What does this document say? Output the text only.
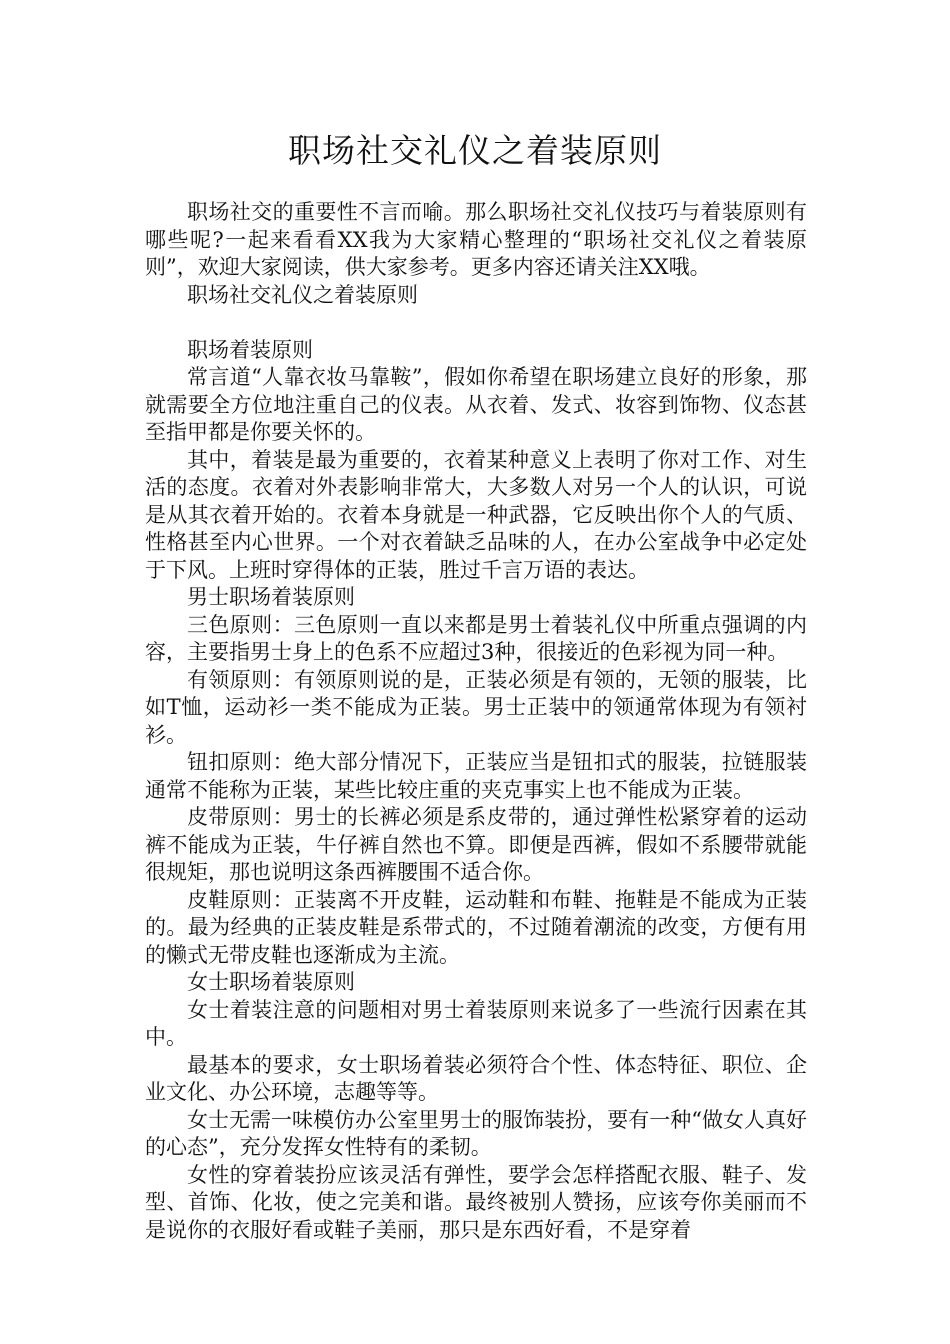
职场社交礼仪之着装原则

职场社交的重要性不言而喻。那么职场社交礼仪技巧与着装原则有哪些呢?一起来看看XX我为大家精心整理的“职场社交礼仪之着装原则”，欢迎大家阅读，供大家参考。更多内容还请关注XX哦。

职场社交礼仪之着装原则

职场着装原则

常言道“人靠衣妆马靠鞍”，假如你希望在职场建立良好的形象，那就需要全方位地注重自己的仪表。从衣着、发式、妆容到饰物、仪态甚至指甲都是你要关怀的。

其中，着装是最为重要的，衣着某种意义上表明了你对工作、对生活的态度。衣着对外表影响非常大，大多数人对另一个人的认识，可说是从其衣着开始的。衣着本身就是一种武器，它反映出你个人的气质、性格甚至内心世界。一个对衣着缺乏品味的人，在办公室战争中必定处于下风。上班时穿得体的正装，胜过千言万语的表达。

男士职场着装原则

三色原则：三色原则一直以来都是男士着装礼仪中所重点强调的内容，主要指男士身上的色系不应超过3种，很接近的色彩视为同一种。

有领原则：有领原则说的是，正装必须是有领的，无领的服装，比如T恤，运动衫一类不能成为正装。男士正装中的领通常体现为有领衬衫。

钮扣原则：绝大部分情况下，正装应当是钮扣式的服装，拉链服装通常不能称为正装，某些比较庄重的夹克事实上也不能成为正装。

皮带原则：男士的长裤必须是系皮带的，通过弹性松紧穿着的运动裤不能成为正装，牛仔裤自然也不算。即便是西裤，假如不系腰带就能很规矩，那也说明这条西裤腰围不适合你。

皮鞋原则：正装离不开皮鞋，运动鞋和布鞋、拖鞋是不能成为正装的。最为经典的正装皮鞋是系带式的，不过随着潮流的改变，方便有用的懒式无带皮鞋也逐渐成为主流。

女士职场着装原则

女士着装注意的问题相对男士着装原则来说多了一些流行因素在其中。

最基本的要求，女士职场着装必须符合个性、体态特征、职位、企业文化、办公环境，志趣等等。

女士无需一味模仿办公室里男士的服饰装扮，要有一种“做女人真好的心态”，充分发挥女性特有的柔韧。

女性的穿着装扮应该灵活有弹性，要学会怎样搭配衣服、鞋子、发型、首饰、化妆，使之完美和谐。最终被别人赞扬，应该夸你美丽而不是说你的衣服好看或鞋子美丽，那只是东西好看，不是穿着
